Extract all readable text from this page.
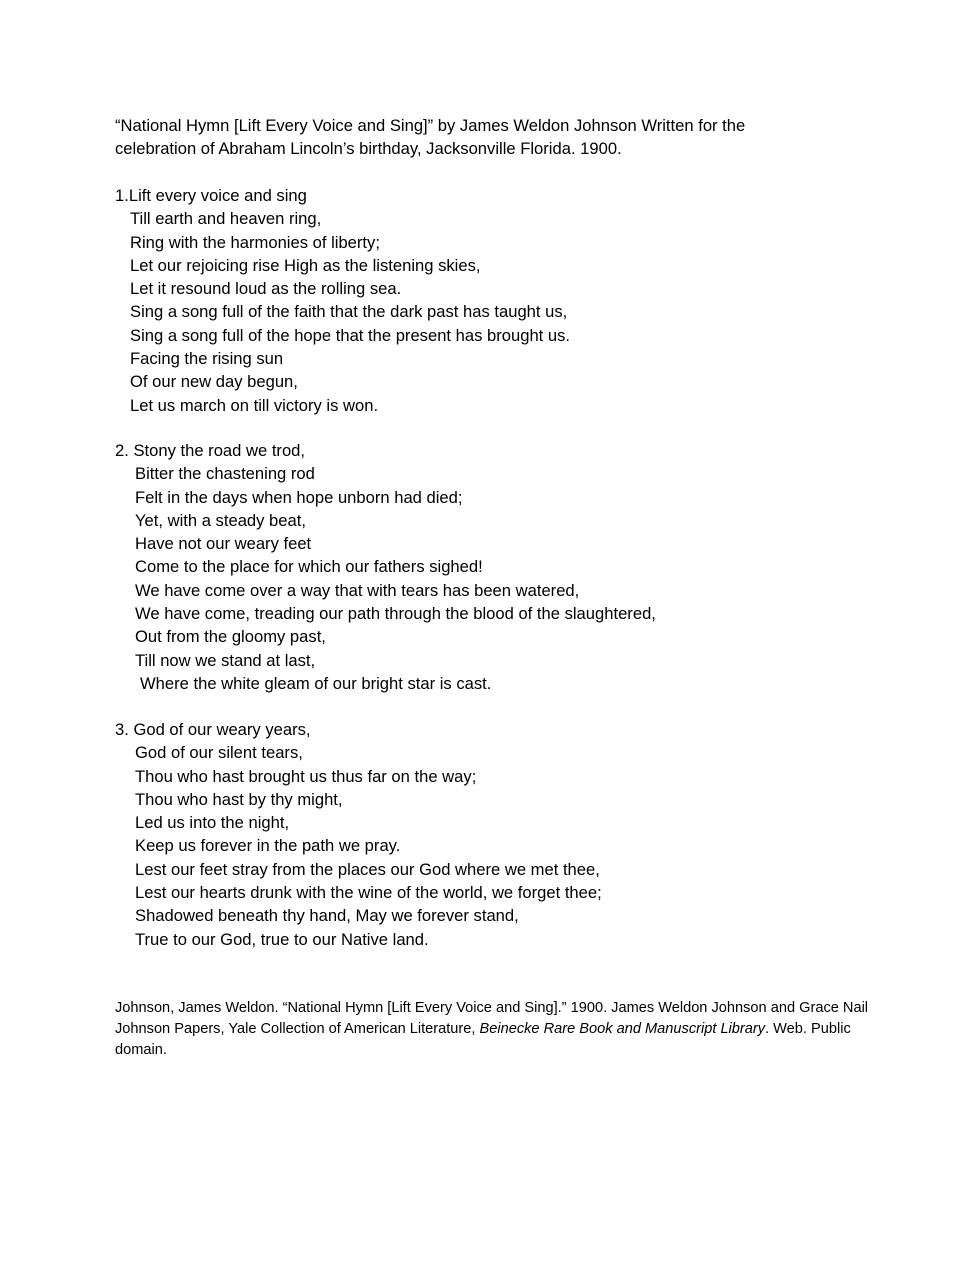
“National Hymn [Lift Every Voice and Sing]” by James Weldon Johnson Written for the

celebration of Abraham Lincoln’s birthday, Jacksonville Florida. 1900.

1.Lift every voice and sing
Till earth and heaven ring,
Ring with the harmonies of liberty;
Let our rejoicing rise High as the listening skies,
Let it resound loud as the rolling sea.
Sing a song full of the faith that the dark past has taught us,
Sing a song full of the hope that the present has brought us.
Facing the rising sun
Of our new day begun,
Let us march on till victory is won.
2. Stony the road we trod,
Bitter the chastening rod
Felt in the days when hope unborn had died;
Yet, with a steady beat,
Have not our weary feet
Come to the place for which our fathers sighed!
We have come over a way that with tears has been watered,
We have come, treading our path through the blood of the slaughtered,
Out from the gloomy past,
Till now we stand at last,
Where the white gleam of our bright star is cast.
3. God of our weary years,
God of our silent tears,
Thou who hast brought us thus far on the way;
Thou who hast by thy might,
Led us into the night,
Keep us forever in the path we pray.
Lest our feet stray from the places our God where we met thee,
Lest our hearts drunk with the wine of the world, we forget thee;
Shadowed beneath thy hand, May we forever stand,
True to our God, true to our Native land.
Johnson, James Weldon. “National Hymn [Lift Every Voice and Sing].” 1900. James Weldon Johnson and Grace Nail Johnson Papers, Yale Collection of American Literature, Beinecke Rare Book and Manuscript Library. Web. Public domain.
